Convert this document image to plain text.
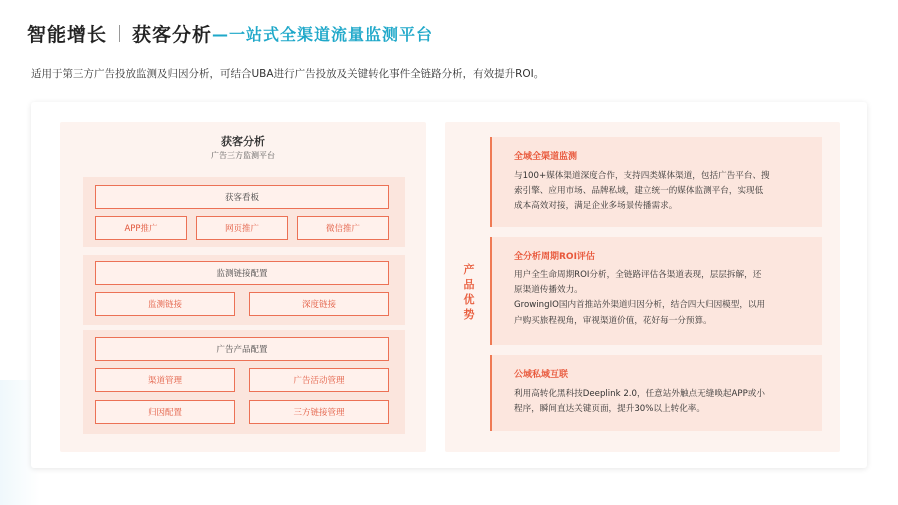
智能增长 获客分析 —一站式全渠道流量监测平台
适用于第三方广告投放监测及归因分析，可结合UBA进行广告投放及关键转化事件全链路分析，有效提升ROI。
获客分析
广告三方监测平台
获客看板
APP推广	网页推广	微信推广
监测链接配置
监测链接	深度链接
广告产品配置
渠道管理	广告活动管理
归因配置	三方链接管理
产
品
优
势
全域全渠道监测
与100+媒体渠道深度合作，支持四类媒体渠道，包括广告平台、搜
索引擎、应用市场、品牌私域，建立统一的媒体监测平台，实现低
成本高效对接，满足企业多场景传播需求。
全分析周期ROI评估
用户全生命周期ROI分析，全链路评估各渠道表现，层层拆解，还
原渠道传播效力。
GrowingIO国内首推站外渠道归因分析，结合四大归因模型，以用
户购买旅程视角，审视渠道价值，花好每一分预算。
公域私域互联
利用高转化黑科技Deeplink 2.0，任意站外触点无缝唤起APP或小
程序，瞬间直达关键页面，提升30%以上转化率。
